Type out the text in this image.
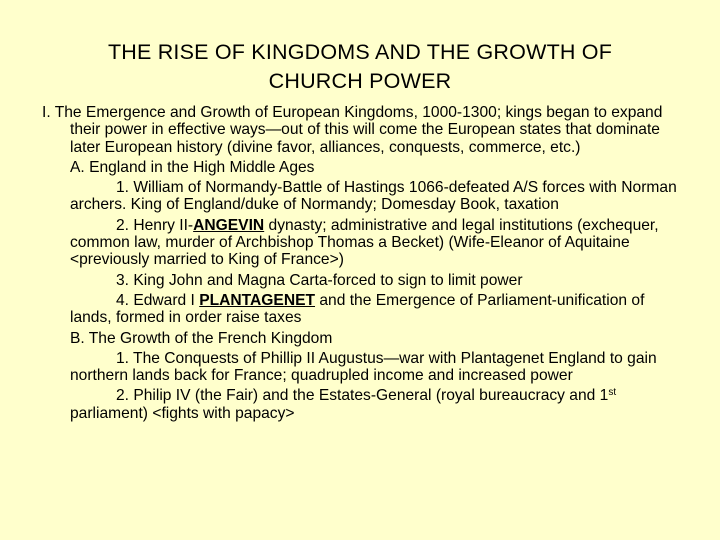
THE RISE OF KINGDOMS AND THE GROWTH OF
CHURCH POWER

I. The Emergence and Growth of European Kingdoms, 1000-1300; kings began to expand their power in effective ways—out of this will come the European states that dominate later European history (divine favor, alliances, conquests, commerce, etc.)

A. England in the High Middle Ages

1. William of Normandy-Battle of Hastings 1066-defeated A/S forces with Norman archers. King of England/duke of Normandy; Domesday Book, taxation

2. Henry II-ANGEVIN dynasty; administrative and legal institutions (exchequer, common law, murder of Archbishop Thomas a Becket) (Wife-Eleanor of Aquitaine <previously married to King of France>)

3. King John and Magna Carta-forced to sign to limit power

4. Edward I PLANTAGENET and the Emergence of Parliament-unification of lands, formed in order raise taxes

B. The Growth of the French Kingdom

1. The Conquests of Phillip II Augustus—war with Plantagenet England to gain northern lands back for France; quadrupled income and increased power

2. Philip IV (the Fair) and the Estates-General (royal bureaucracy and 1st parliament) <fights with papacy>
